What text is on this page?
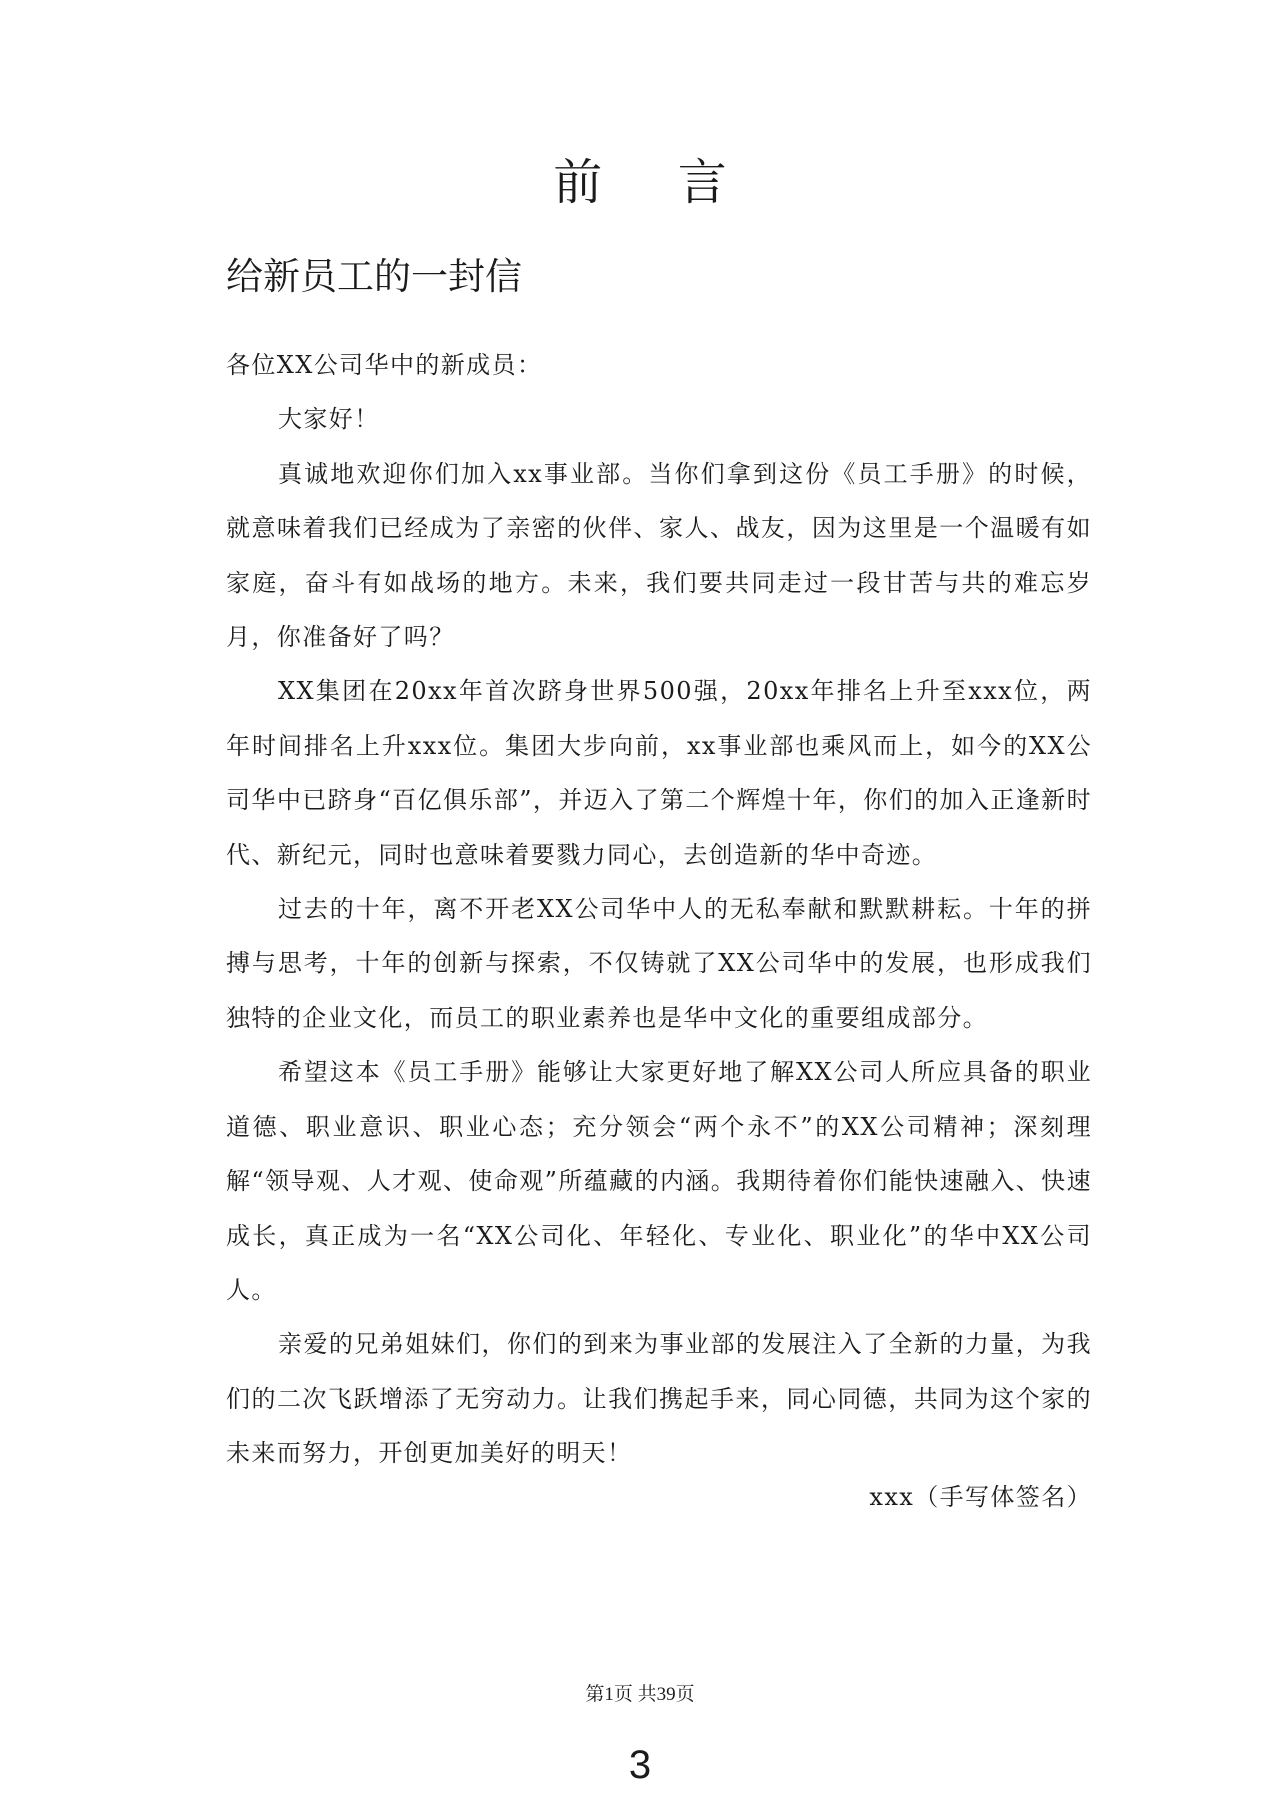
前 言
给新员工的一封信

各位XX公司华中的新成员：

大家好！

真诚地欢迎你们加入xx事业部。当你们拿到这份《员工手册》的时候，就意味着我们已经成为了亲密的伙伴、家人、战友，因为这里是一个温暖有如家庭，奋斗有如战场的地方。未来，我们要共同走过一段甘苦与共的难忘岁月，你准备好了吗？

XX集团在20xx年首次跻身世界500强，20xx年排名上升至xxx位，两年时间排名上升xxx位。集团大步向前，xx事业部也乘风而上，如今的XX公司华中已跻身“百亿俱乐部”，并迈入了第二个辉煌十年，你们的加入正逢新时代、新纪元，同时也意味着要戮力同心，去创造新的华中奇迹。

过去的十年，离不开老XX公司华中人的无私奉献和默默耕耘。十年的拼搏与思考，十年的创新与探索，不仅铸就了XX公司华中的发展，也形成我们独特的企业文化，而员工的职业素养也是华中文化的重要组成部分。

希望这本《员工手册》能够让大家更好地了解XX公司人所应具备的职业道德、职业意识、职业心态；充分领会“两个永不”的XX公司精神；深刻理解“领导观、人才观、使命观”所蕴藏的内涵。我期待着你们能快速融入、快速成长，真正成为一名“XX公司化、年轻化、专业化、职业化”的华中XX公司人。

亲爱的兄弟姐妹们，你们的到来为事业部的发展注入了全新的力量，为我们的二次飞跃增添了无穷动力。让我们携起手来，同心同德，共同为这个家的未来而努力，开创更加美好的明天！

xxx（手写体签名）
第1页 共39页
3
